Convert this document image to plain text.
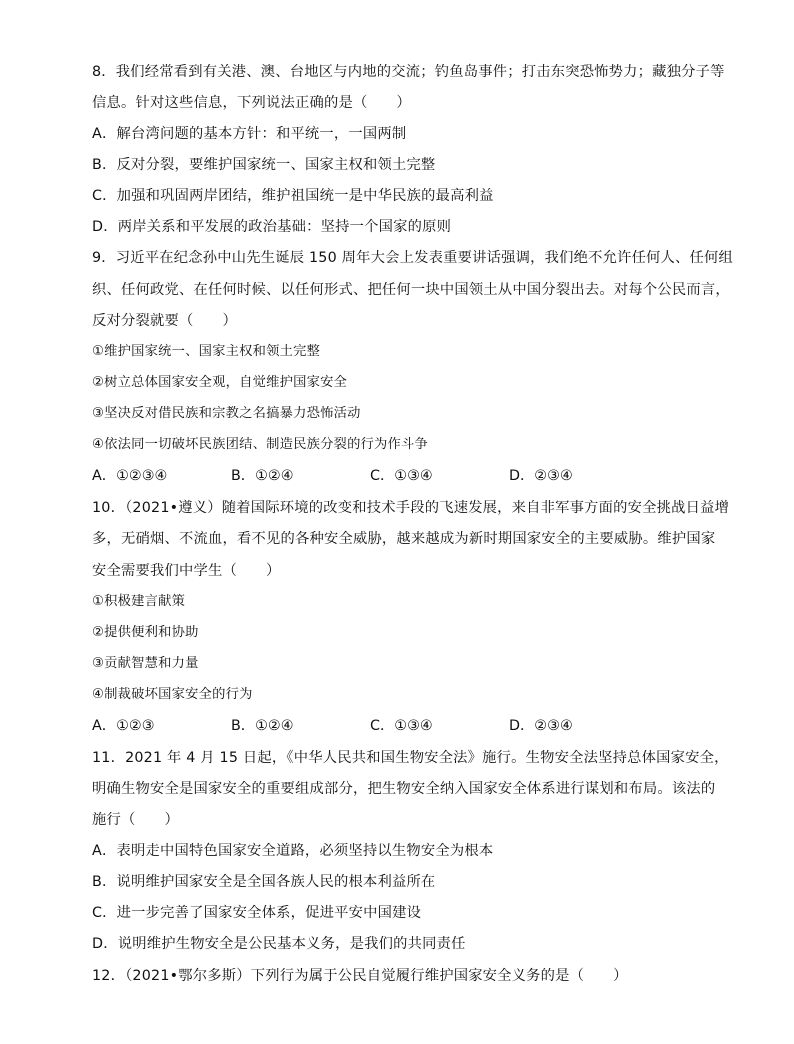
8．我们经常看到有关港、澳、台地区与内地的交流；钓鱼岛事件；打击东突恐怖势力；藏独分子等
信息。针对这些信息，下列说法正确的是（　　）
A．解台湾问题的基本方针：和平统一，一国两制
B．反对分裂，要维护国家统一、国家主权和领土完整
C．加强和巩固两岸团结，维护祖国统一是中华民族的最高利益
D．两岸关系和平发展的政治基础：坚持一个国家的原则
9．习近平在纪念孙中山先生诞辰 150 周年大会上发表重要讲话强调，我们绝不允许任何人、任何组
织、任何政党、在任何时候、以任何形式、把任何一块中国领土从中国分裂出去。对每个公民而言，
反对分裂就要（　　）
①维护国家统一、国家主权和领土完整
②树立总体国家安全观，自觉维护国家安全
③坚决反对借民族和宗教之名搞暴力恐怖活动
④依法同一切破坏民族团结、制造民族分裂的行为作斗争
A．①②③④	B．①②④	C．①③④	D．②③④
10．（2021•遵义）随着国际环境的改变和技术手段的飞速发展，来自非军事方面的安全挑战日益增
多，无硝烟、不流血，看不见的各种安全威胁，越来越成为新时期国家安全的主要威胁。维护国家
安全需要我们中学生（　　）
①积极建言献策
②提供便利和协助
③贡献智慧和力量
④制裁破坏国家安全的行为
A．①②③	B．①②④	C．①③④	D．②③④
11．2021 年 4 月 15 日起，《中华人民共和国生物安全法》施行。生物安全法坚持总体国家安全，
明确生物安全是国家安全的重要组成部分，把生物安全纳入国家安全体系进行谋划和布局。该法的
施行（　　）
A．表明走中国特色国家安全道路，必须坚持以生物安全为根本
B．说明维护国家安全是全国各族人民的根本利益所在
C．进一步完善了国家安全体系，促进平安中国建设
D．说明维护生物安全是公民基本义务，是我们的共同责任
12．（2021•鄂尔多斯）下列行为属于公民自觉履行维护国家安全义务的是（　　）
